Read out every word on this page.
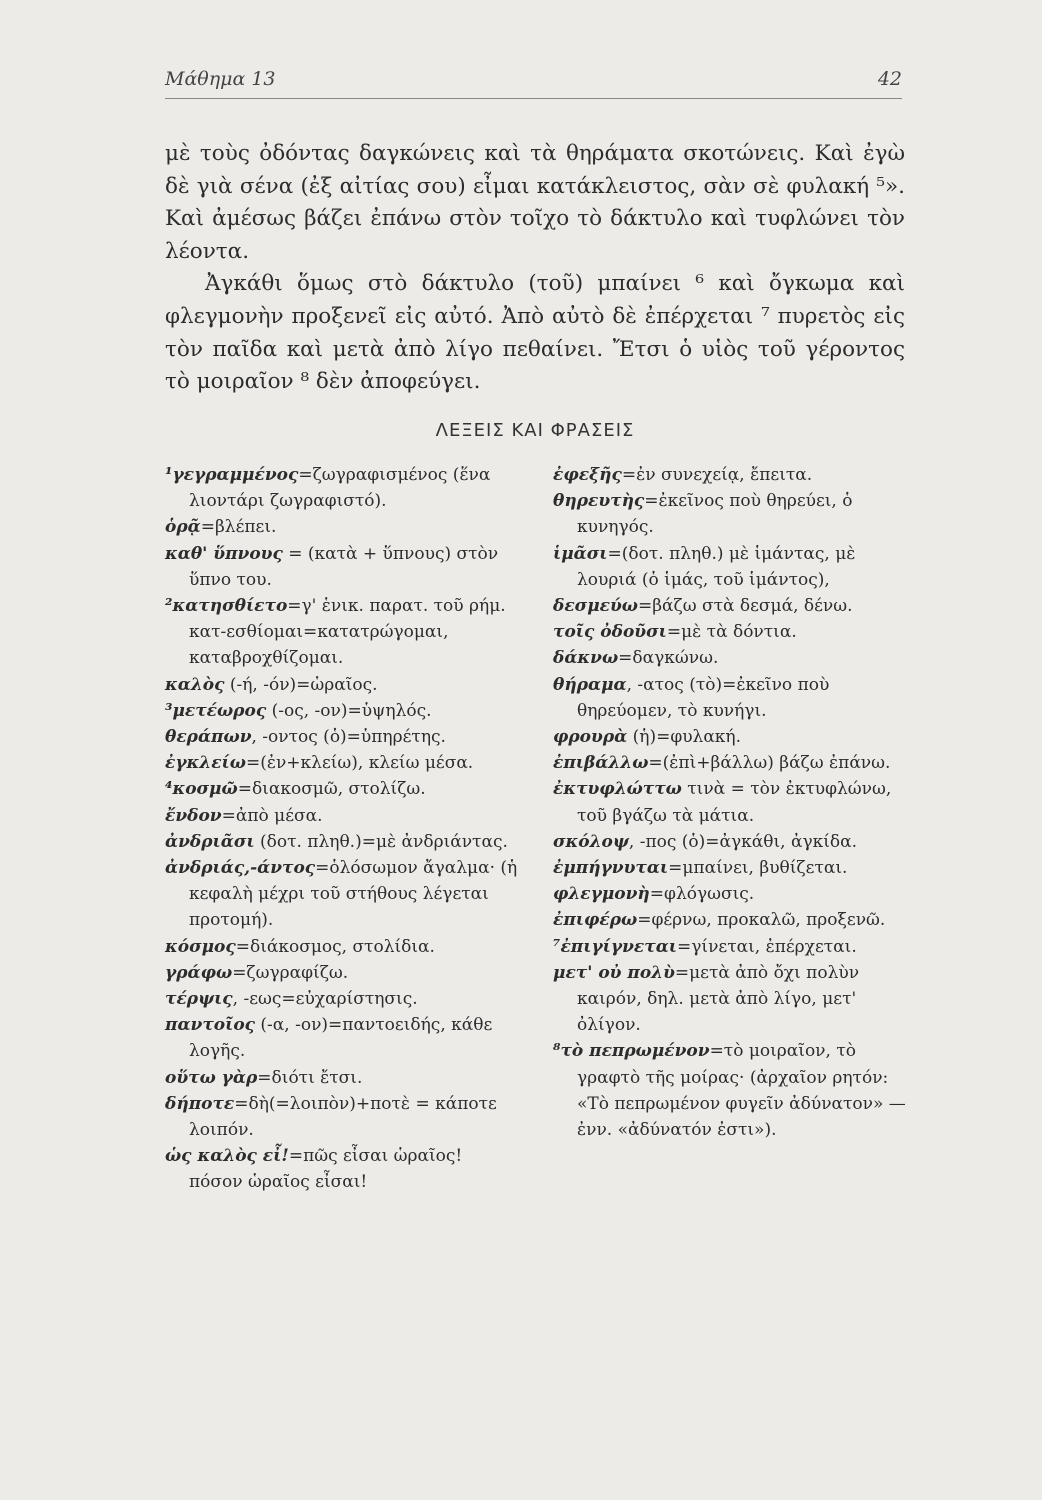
Μάθημα 13	42

μὲ τοὺς ὀδόντας δαγκώνεις καὶ τὰ θηράματα σκοτώνεις. Καὶ ἐγὼ δὲ γιὰ σένα (ἐξ αἰτίας σου) εἶμαι κατάκλειστος, σὰν σὲ φυλακή ⁵». Καὶ ἀμέσως βάζει ἐπάνω στὸν τοῖχο τὸ δάκτυλο καὶ τυφλώνει τὸν λέοντα.

Ἀγκάθι ὅμως στὸ δάκτυλο (τοῦ) μπαίνει ⁶ καὶ ὄγκωμα καὶ φλεγμονὴν προξενεῖ εἰς αὐτό. Ἀπὸ αὐτὸ δὲ ἐπέρχεται ⁷ πυρετὸς εἰς τὸν παῖδα καὶ μετὰ ἀπὸ λίγο πεθαίνει. Ἔτσι ὁ υἱὸς τοῦ γέροντος τὸ μοιραῖον ⁸ δὲν ἀποφεύγει.

ΛΕΞΕΙΣ ΚΑΙ ΦΡΑΣΕΙΣ

¹γεγραμμένος=ζωγραφισμένος (ἕνα λιοντάρι ζωγραφιστό).

ὁρᾷ=βλέπει.

καθ' ὕπνους = (κατὰ + ὕπνους) στὸν ὕπνο του.

²κατησθίετο=γ' ἑνικ. παρατ. τοῦ ρήμ. κατ-εσθίομαι=κατατρώγομαι, καταβροχθίζομαι.

καλὸς (-ή, -όν)=ὡραῖος.

³μετέωρος (-ος, -ον)=ὑψηλός.

θεράπων, -οντος (ὁ)=ὑπηρέτης.

ἐγκλείω=(ἐν+κλείω), κλείω μέσα.

⁴κοσμῶ=διακοσμῶ, στολίζω.

ἔνδον=ἀπὸ μέσα.

ἀνδριᾶσι (δοτ. πληθ.)=μὲ ἀνδριάντας.

ἀνδριάς,-άντος=ὁλόσωμον ἄγαλμα· (ἡ κεφαλὴ μέχρι τοῦ στήθους λέγεται προτομή).

κόσμος=διάκοσμος, στολίδια.

γράφω=ζωγραφίζω.

τέρψις, -εως=εὐχαρίστησις.

παντοῖος (-α, -ον)=παντοειδής, κάθε λογῆς.

οὕτω γὰρ=διότι ἔτσι.

δήποτε=δὴ(=λοιπὸν)+ποτὲ = κάποτε λοιπόν.

ὡς καλὸς εἶ!=πῶς εἶσαι ὡραῖος! πόσον ὡραῖος εἶσαι!

ἐφεξῆς=ἐν συνεχείᾳ, ἔπειτα.

θηρευτὴς=ἐκεῖνος ποὺ θηρεύει, ὁ κυνηγός.

ἱμᾶσι=(δοτ. πληθ.) μὲ ἱμάντας, μὲ λουριά (ὁ ἱμάς, τοῦ ἱμάντος),

δεσμεύω=βάζω στὰ δεσμά, δένω.

τοῖς ὀδοῦσι=μὲ τὰ δόντια.

δάκνω=δαγκώνω.

θήραμα, -ατος (τὸ)=ἐκεῖνο ποὺ θηρεύομεν, τὸ κυνήγι.

φρουρὰ (ἡ)=φυλακή.

ἐπιβάλλω=(ἐπὶ+βάλλω) βάζω ἐπάνω.

ἐκτυφλώττω τινὰ = τὸν ἐκτυφλώνω, τοῦ βγάζω τὰ μάτια.

σκόλοψ, -πος (ὁ)=ἀγκάθι, ἀγκίδα.

ἐμπήγνυται=μπαίνει, βυθίζεται.

φλεγμονὴ=φλόγωσις.

ἐπιφέρω=φέρνω, προκαλῶ, προξενῶ.

⁷ἐπιγίγνεται=γίνεται, ἐπέρχεται.

μετ' οὐ πολὺ=μετὰ ἀπὸ ὄχι πολὺν καιρόν, δηλ. μετὰ ἀπὸ λίγο, μετ' ὀλίγον.

⁸τὸ πεπρωμένον=τὸ μοιραῖον, τὸ γραφτὸ τῆς μοίρας· (ἀρχαῖον ρητόν: «Τὸ πεπρωμένον φυγεῖν ἀδύνατον» — ἐνν. «ἀδύνατόν ἐστι»).
